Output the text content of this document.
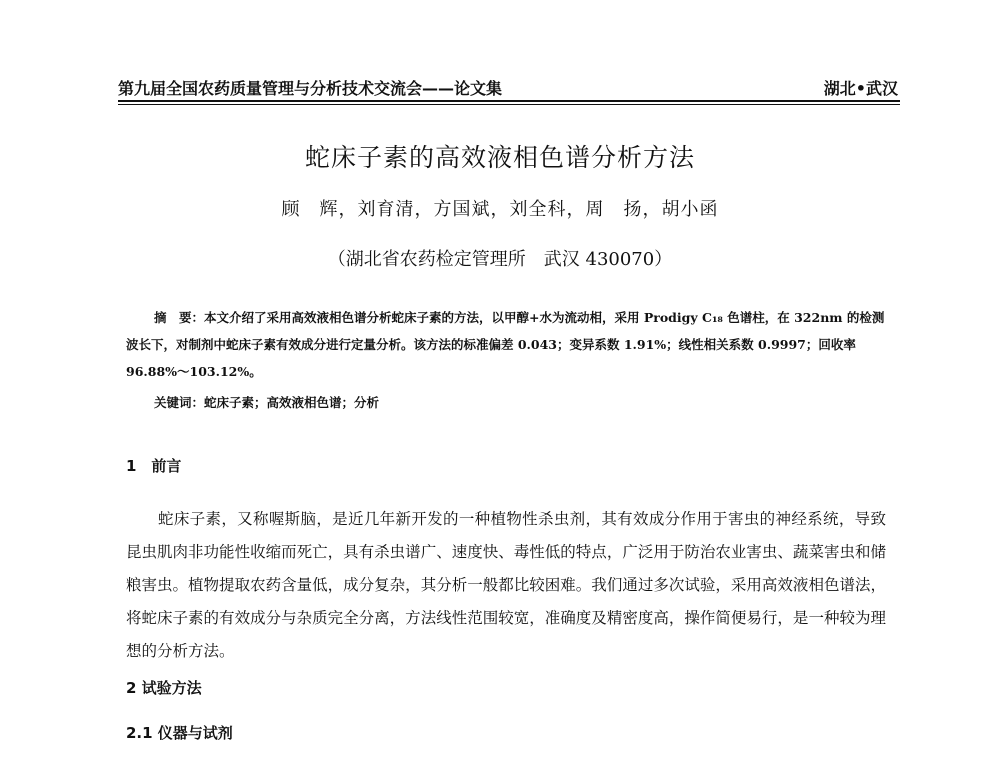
第九届全国农药质量管理与分析技术交流会——论文集	湖北•武汉
蛇床子素的高效液相色谱分析方法
顾　辉，刘育清，方国斌，刘全科，周　扬，胡小函
（湖北省农药检定管理所　武汉 430070）

摘　要：本文介绍了采用高效液相色谱分析蛇床子素的方法，以甲醇+水为流动相，采用 Prodigy C₁₈ 色谱柱，在 322nm 的检测波长下，对制剂中蛇床子素有效成分进行定量分析。该方法的标准偏差 0.043；变异系数 1.91%；线性相关系数 0.9997；回收率 96.88%～103.12%。

关键词：蛇床子素；高效液相色谱；分析
1　前言

蛇床子素，又称喔斯脑，是近几年新开发的一种植物性杀虫剂，其有效成分作用于害虫的神经系统，导致昆虫肌肉非功能性收缩而死亡，具有杀虫谱广、速度快、毒性低的特点，广泛用于防治农业害虫、蔬菜害虫和储粮害虫。植物提取农药含量低，成分复杂，其分析一般都比较困难。我们通过多次试验，采用高效液相色谱法，将蛇床子素的有效成分与杂质完全分离，方法线性范围较宽，准确度及精密度高，操作简便易行，是一种较为理想的分析方法。

2 试验方法
2.1 仪器与试剂
